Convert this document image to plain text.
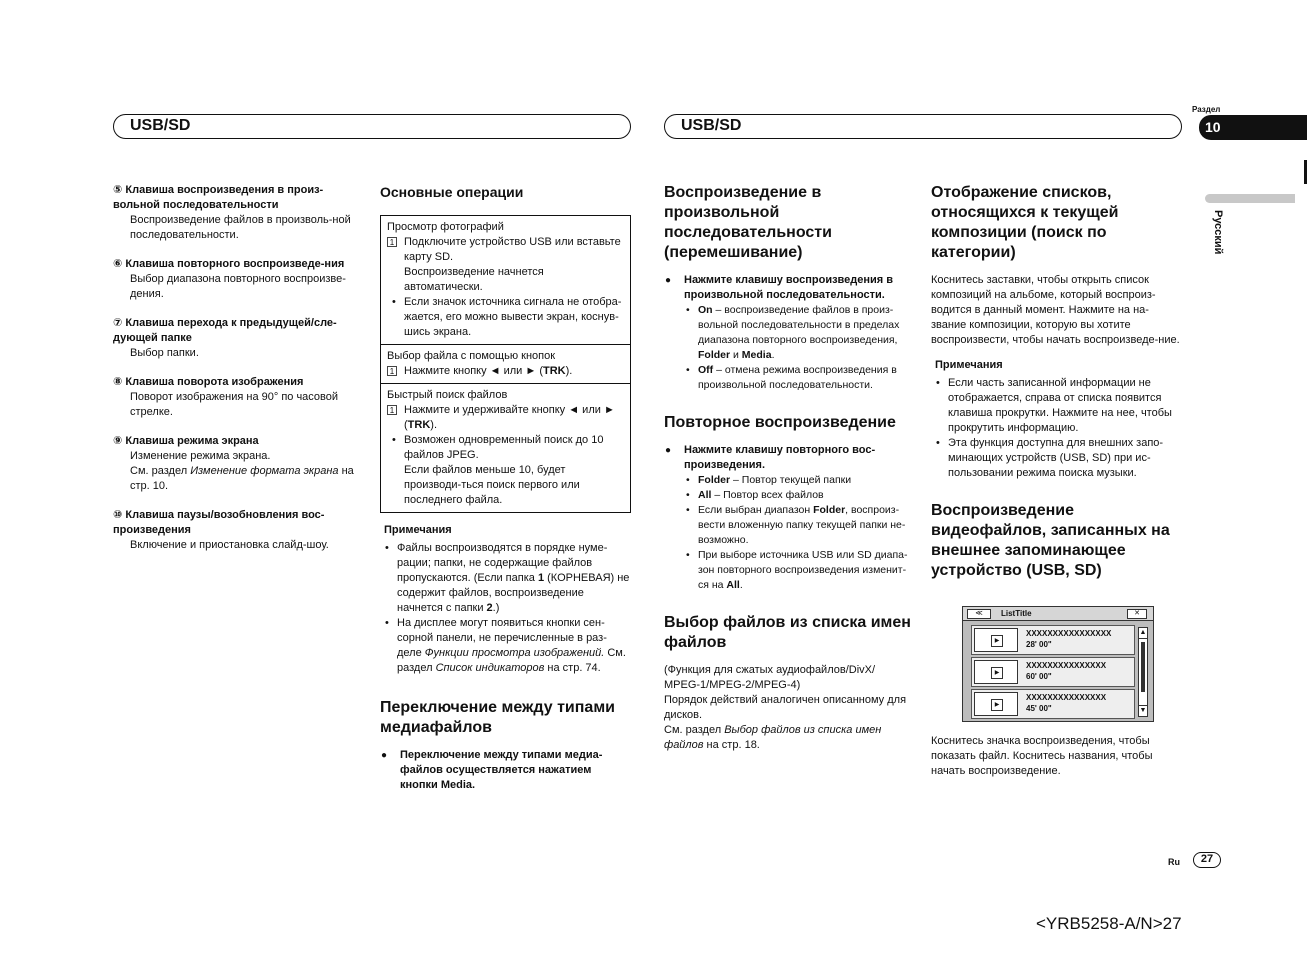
USB/SD	USB/SD
Раздел
10
Русский
⑤ Клавиша воспроизведения в произ-вольной последовательности
Воспроизведение файлов в произволь-ной последовательности.
⑥ Клавиша повторного воспроизведе-ния
Выбор диапазона повторного воспроизве-дения.
⑦ Клавиша перехода к предыдущей/сле-дующей папке
Выбор папки.
⑧ Клавиша поворота изображения
Поворот изображения на 90° по часовой стрелке.
⑨ Клавиша режима экрана
Изменение режима экрана.
См. раздел Изменение формата экрана на стр. 10.
⑩ Клавиша паузы/возобновления вос-произведения
Включение и приостановка слайд-шоу.
Основные операции
Просмотр фотографий
1 Подключите устройство USB или вставьте карту SD.
Воспроизведение начнется автоматически.
• Если значок источника сигнала не отобра-жается, его можно вывести экран, коснув-шись экрана.
Выбор файла с помощью кнопок
1 Нажмите кнопку ◄ или ► (TRK).
Быстрый поиск файлов
1 Нажмите и удерживайте кнопку ◄ или ► (TRK).
• Возможен одновременный поиск до 10 файлов JPEG.
Если файлов меньше 10, будет производи-ться поиск первого или последнего файла.
Примечания
• Файлы воспроизводятся в порядке нуме-рации; папки, не содержащие файлов пропускаются. (Если папка 1 (КОРНЕВАЯ) не содержит файлов, воспроизведение начнется с папки 2.)
• На дисплее могут появиться кнопки сен-сорной панели, не перечисленные в раз-деле Функции просмотра изображений. См. раздел Список индикаторов на стр. 74.
Переключение между типами медиафайлов
● Переключение между типами медиа-файлов осуществляется нажатием кнопки Media.
Воспроизведение в произвольной последовательности (перемешивание)
● Нажмите клавишу воспроизведения в произвольной последовательности.
• On – воспроизведение файлов в произ-вольной последовательности в пределах диапазона повторного воспроизведения, Folder и Media.
• Off – отмена режима воспроизведения в произвольной последовательности.
Повторное воспроизведение
● Нажмите клавишу повторного вос-произведения.
• Folder – Повтор текущей папки
• All – Повтор всех файлов
• Если выбран диапазон Folder, воспроиз-вести вложенную папку текущей папки не-возможно.
• При выборе источника USB или SD диапа-зон повторного воспроизведения изменит-ся на All.
Выбор файлов из списка имен файлов

(Функция для сжатых аудиофайлов/DivX/ MPEG-1/MPEG-2/MPEG-4)

Порядок действий аналогичен описанному для дисков.

См. раздел Выбор файлов из списка имен файлов на стр. 18.

Отображение списков, относящихся к текущей композиции (поиск по категории)

Коснитесь заставки, чтобы открыть список композиций на альбоме, который воспроиз-водится в данный момент. Нажмите на на-звание композиции, которую вы хотите воспроизвести, чтобы начать воспроизведе-ние.

Примечания
• Если часть записанной информации не отображается, справа от списка появится клавиша прокрутки. Нажмите на нее, чтобы прокрутить информацию.
• Эта функция доступна для внешних запо-минающих устройств (USB, SD) при ис-пользовании режима поиска музыки.
Воспроизведение видеофайлов, записанных на внешнее запоминающее устройство (USB, SD)
≪	ListTitle	✕
▶
XXXXXXXXXXXXXXXX
28' 00"
▶
XXXXXXXXXXXXXXX
60' 00"
▶
XXXXXXXXXXXXXXX
45' 00"
▲
▼
Коснитесь значка воспроизведения, чтобы показать файл. Коснитесь названия, чтобы начать воспроизведение.
Ru	27
<YRB5258-A/N>27
